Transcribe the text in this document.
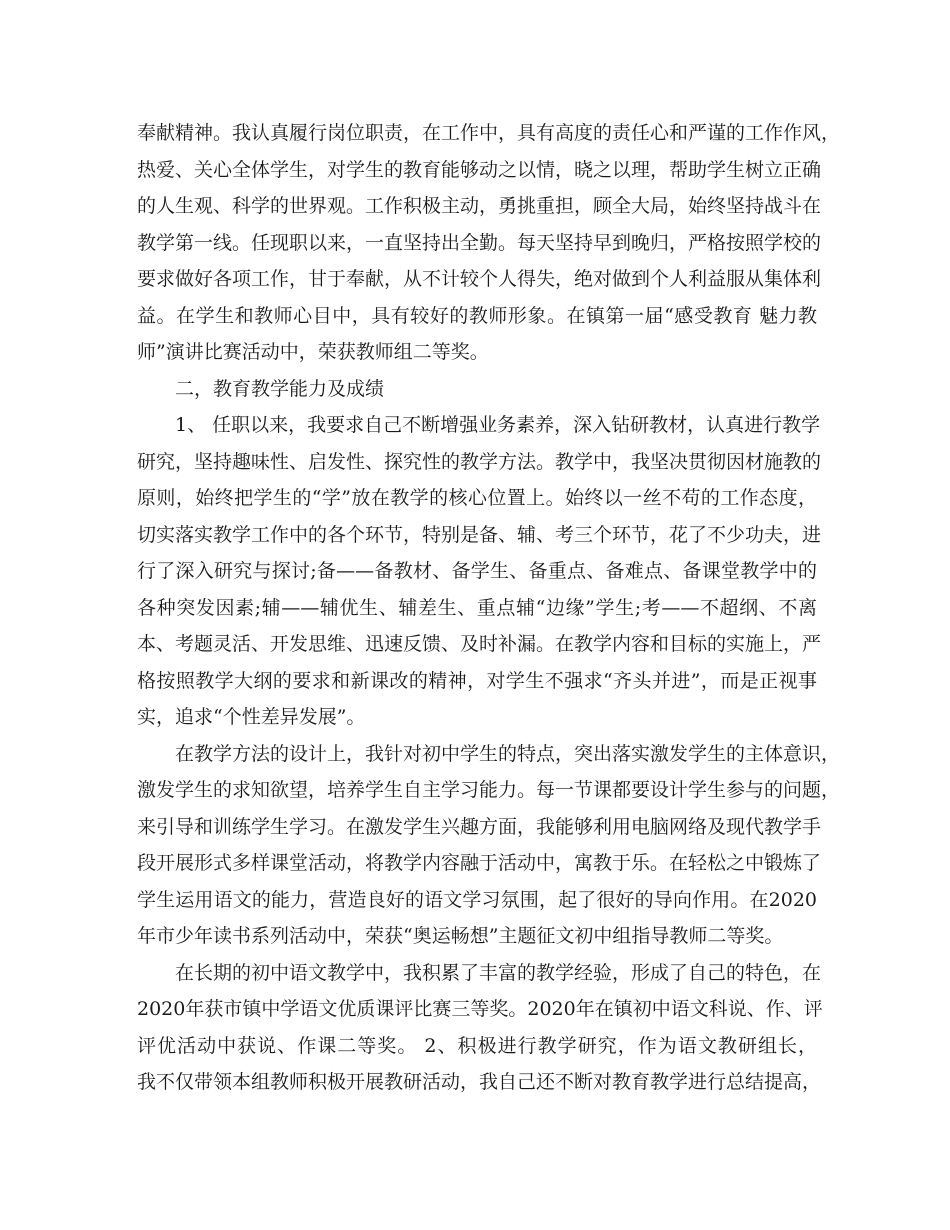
奉献精神。我认真履行岗位职责，在工作中，具有高度的责任心和严谨的工作作风，
热爱、关心全体学生，对学生的教育能够动之以情，晓之以理，帮助学生树立正确
的人生观、科学的世界观。工作积极主动，勇挑重担，顾全大局，始终坚持战斗在
教学第一线。任现职以来，一直坚持出全勤。每天坚持早到晚归，严格按照学校的
要求做好各项工作，甘于奉献，从不计较个人得失，绝对做到个人利益服从集体利
益。在学生和教师心目中，具有较好的教师形象。在镇第一届“感受教育 魅力教
师”演讲比赛活动中，荣获教师组二等奖。
二，教育教学能力及成绩
1、 任职以来，我要求自己不断增强业务素养，深入钻研教材，认真进行教学
研究，坚持趣味性、启发性、探究性的教学方法。教学中，我坚决贯彻因材施教的
原则，始终把学生的“学”放在教学的核心位置上。始终以一丝不苟的工作态度，
切实落实教学工作中的各个环节，特别是备、辅、考三个环节，花了不少功夫，进
行了深入研究与探讨;备——备教材、备学生、备重点、备难点、备课堂教学中的
各种突发因素;辅——辅优生、辅差生、重点辅“边缘”学生;考——不超纲、不离
本、考题灵活、开发思维、迅速反馈、及时补漏。在教学内容和目标的实施上，严
格按照教学大纲的要求和新课改的精神，对学生不强求“齐头并进”，而是正视事
实，追求“个性差异发展”。
在教学方法的设计上，我针对初中学生的特点，突出落实激发学生的主体意识，
激发学生的求知欲望，培养学生自主学习能力。每一节课都要设计学生参与的问题，
来引导和训练学生学习。在激发学生兴趣方面，我能够利用电脑网络及现代教学手
段开展形式多样课堂活动，将教学内容融于活动中，寓教于乐。在轻松之中锻炼了
学生运用语文的能力，营造良好的语文学习氛围，起了很好的导向作用。在2020
年市少年读书系列活动中，荣获“奥运畅想”主题征文初中组指导教师二等奖。
在长期的初中语文教学中，我积累了丰富的教学经验，形成了自己的特色，在
2020年获市镇中学语文优质课评比赛三等奖。2020年在镇初中语文科说、作、评
评优活动中获说、作课二等奖。 2、积极进行教学研究，作为语文教研组长，
我不仅带领本组教师积极开展教研活动，我自己还不断对教育教学进行总结提高，
